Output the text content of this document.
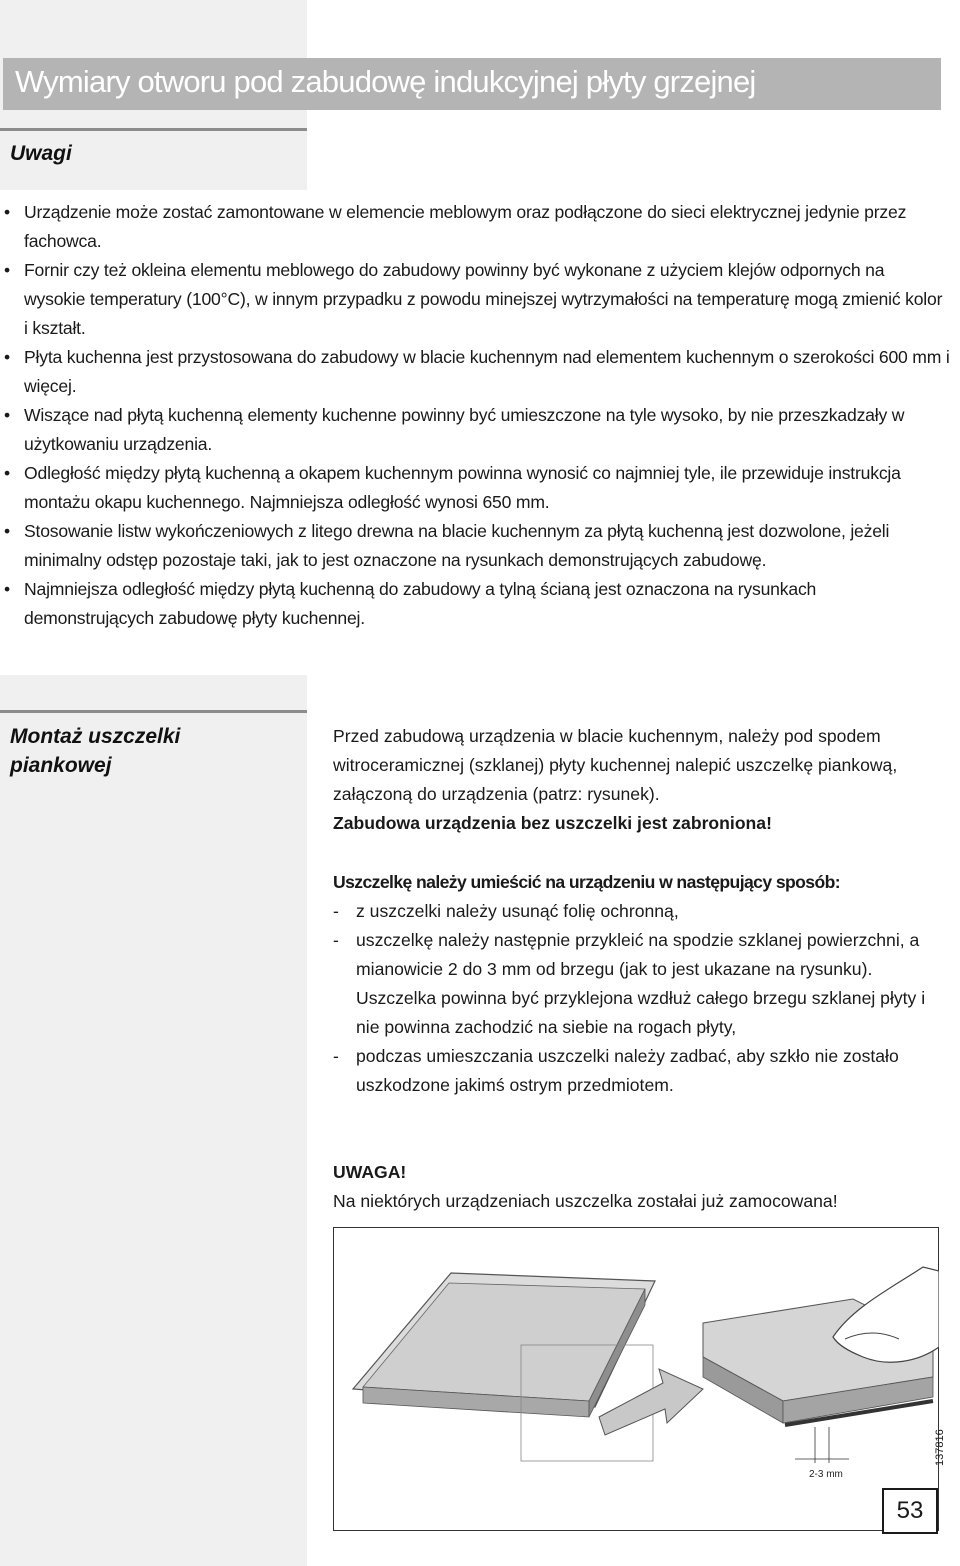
Wymiary otworu pod zabudowę indukcyjnej płyty grzejnej
Uwagi
• Urządzenie może zostać zamontowane w elemencie meblowym oraz podłączone do sieci elektrycznej jedynie przez fachowca.
• Fornir czy też okleina elementu meblowego do zabudowy powinny być wykonane z użyciem klejów odpornych na wysokie temperatury (100°C), w innym przypadku z powodu minejszej wytrzymałości na temperaturę mogą zmienić kolor i kształt.
• Płyta kuchenna jest przystosowana do zabudowy w blacie kuchennym nad elementem kuchennym o szerokości 600 mm i więcej.
• Wiszące nad płytą kuchenną elementy kuchenne powinny być umieszczone na tyle wysoko, by nie przeszkadzały w użytkowaniu urządzenia.
• Odległość między płytą kuchenną a okapem kuchennym powinna wynosić co najmniej tyle, ile przewiduje instrukcja montażu okapu kuchennego. Najmniejsza odległość wynosi 650 mm.
• Stosowanie listw wykończeniowych z litego drewna na blacie kuchennym za płytą kuchenną jest dozwolone, jeżeli minimalny odstęp pozostaje taki, jak to jest oznaczone na rysunkach demonstrujących zabudowę.
• Najmniejsza odległość między płytą kuchenną do zabudowy a tylną ścianą jest oznaczona na rysunkach demonstrujących zabudowę płyty kuchennej.
Montaż uszczelki piankowej
Przed zabudową urządzenia w blacie kuchennym, należy pod spodem witroceramicznej (szklanej) płyty kuchennej nalepić uszczelkę piankową, załączoną do urządzenia (patrz: rysunek).
Zabudowa urządzenia bez uszczelki jest zabroniona!
Uszczelkę należy umieścić na urządzeniu w następujący sposób:
- z uszczelki należy usunąć folię ochronną,
- uszczelkę należy następnie przykleić na spodzie szklanej powierzchni, a mianowicie 2 do 3 mm od brzegu (jak to jest ukazane na rysunku). Uszczelka powinna być przyklejona wzdłuż całego brzegu szklanej płyty i nie powinna zachodzić na siebie na rogach płyty,
- podczas umieszczania uszczelki należy zadbać, aby szkło nie zostało uszkodzone jakimś ostrym przedmiotem.
UWAGA!
Na niektórych urządzeniach uszczelka zostałai już zamocowana!
2-3 mm
137816
53
